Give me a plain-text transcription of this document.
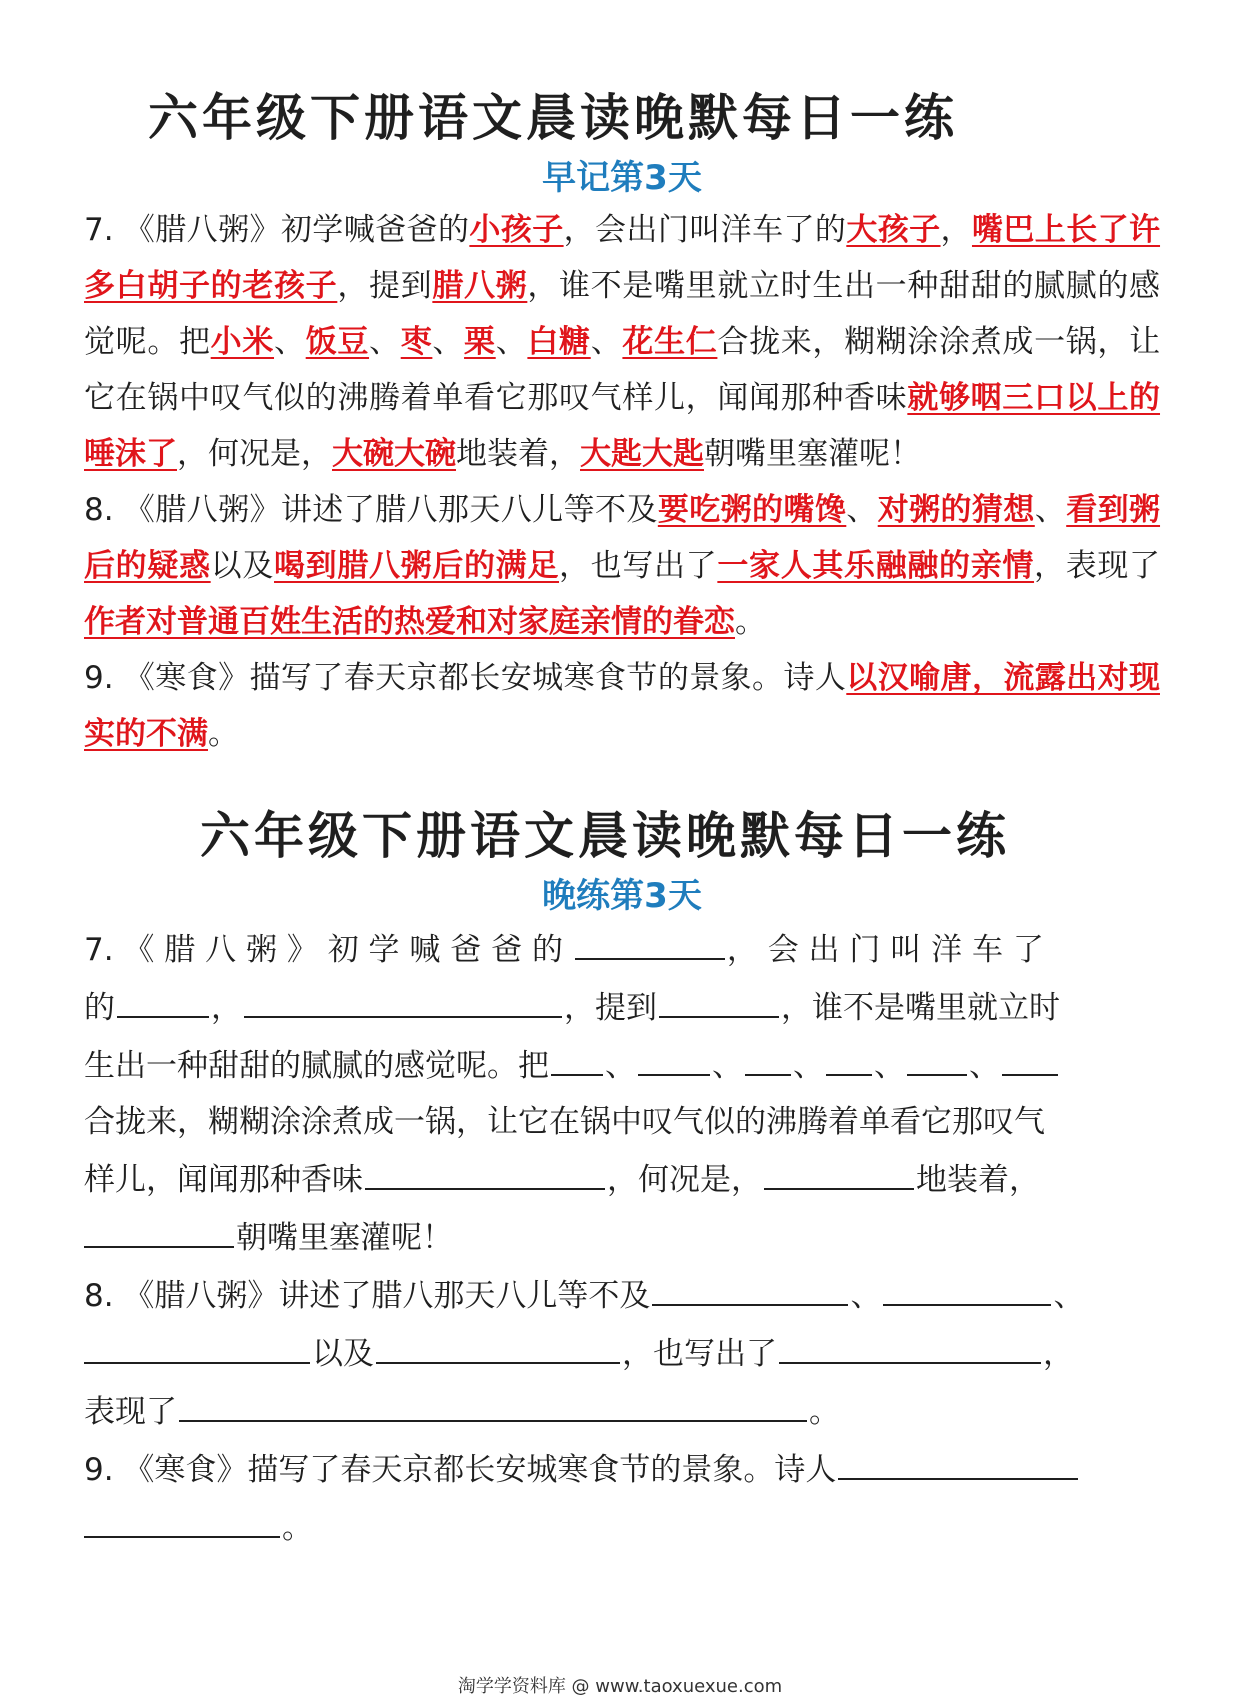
六年级下册语文晨读晚默每日一练
早记第3天

7. 《腊八粥》初学喊爸爸的小孩子，会出门叫洋车了的大孩子，嘴巴上长了许多白胡子的老孩子，提到腊八粥，谁不是嘴里就立时生出一种甜甜的腻腻的感觉呢。把小米、饭豆、枣、栗、白糖、花生仁合拢来，糊糊涂涂煮成一锅，让它在锅中叹气似的沸腾着单看它那叹气样儿，闻闻那种香味就够咽三口以上的唾沫了，何况是，大碗大碗地装着，大匙大匙朝嘴里塞灌呢！

8. 《腊八粥》讲述了腊八那天八儿等不及要吃粥的嘴馋、对粥的猜想、看到粥后的疑惑以及喝到腊八粥后的满足，也写出了一家人其乐融融的亲情，表现了作者对普通百姓生活的热爱和对家庭亲情的眷恋。

9. 《寒食》描写了春天京都长安城寒食节的景象。诗人以汉喻唐，流露出对现实的不满。

六年级下册语文晨读晚默每日一练
晚练第3天
7. 《 腊 八 粥 》 初 学 喊 爸 爸 的	， 会 出 门 叫 洋 车 了
的	，	，提到	，谁不是嘴里就立时
生出一种甜甜的腻腻的感觉呢。把 、 、 、 、 、
合拢来，糊糊涂涂煮成一锅，让它在锅中叹气似的沸腾着单看它那叹气
样儿，闻闻那种香味	，何况是，	地装着，
朝嘴里塞灌呢！
8. 《腊八粥》讲述了腊八那天八儿等不及	、	、
以及	，也写出了	，
表现了	。
9. 《寒食》描写了春天京都长安城寒食节的景象。诗人
。
淘学学资料库 @ www.taoxuexue.com
